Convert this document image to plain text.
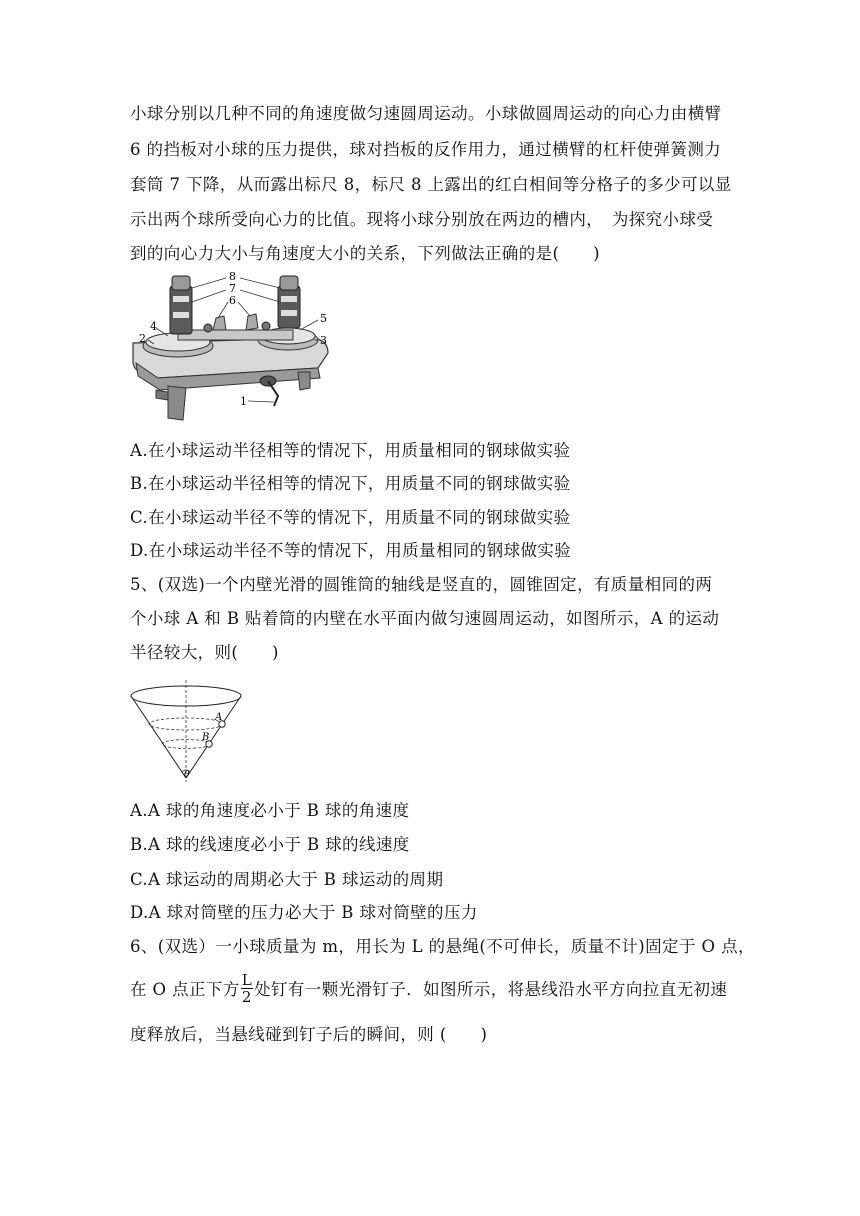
小球分别以几种不同的角速度做匀速圆周运动。小球做圆周运动的向心力由横臂
6 的挡板对小球的压力提供，球对挡板的反作用力，通过横臂的杠杆使弹簧测力
套筒 7 下降，从而露出标尺 8，标尺 8 上露出的红白相间等分格子的多少可以显
示出两个球所受向心力的比值。现将小球分别放在两边的槽内，　为探究小球受
到的向心力大小与角速度大小的关系，下列做法正确的是(　　)
8
7
6
5
4
3
2
1
A.在小球运动半径相等的情况下，用质量相同的钢球做实验
B.在小球运动半径相等的情况下，用质量不同的钢球做实验
C.在小球运动半径不等的情况下，用质量不同的钢球做实验
D.在小球运动半径不等的情况下，用质量相同的钢球做实验
5、(双选)一个内壁光滑的圆锥筒的轴线是竖直的，圆锥固定，有质量相同的两
个小球 A 和 B 贴着筒的内壁在水平面内做匀速圆周运动，如图所示，A 的运动
半径较大，则(　　)
A
B
θ
A.A 球的角速度必小于 B 球的角速度
B.A 球的线速度必小于 B 球的线速度
C.A 球运动的周期必大于 B 球运动的周期
D.A 球对筒壁的压力必大于 B 球对筒壁的压力
6、(双选）一小球质量为 m，用长为 L 的悬绳(不可伸长，质量不计)固定于 O 点，
在 O 点正下方 $\frac{L}{2}$ 处钉有一颗光滑钉子．如图所示，将悬线沿水平方向拉直无初速
度释放后，当悬线碰到钉子后的瞬间，则 (　　)
